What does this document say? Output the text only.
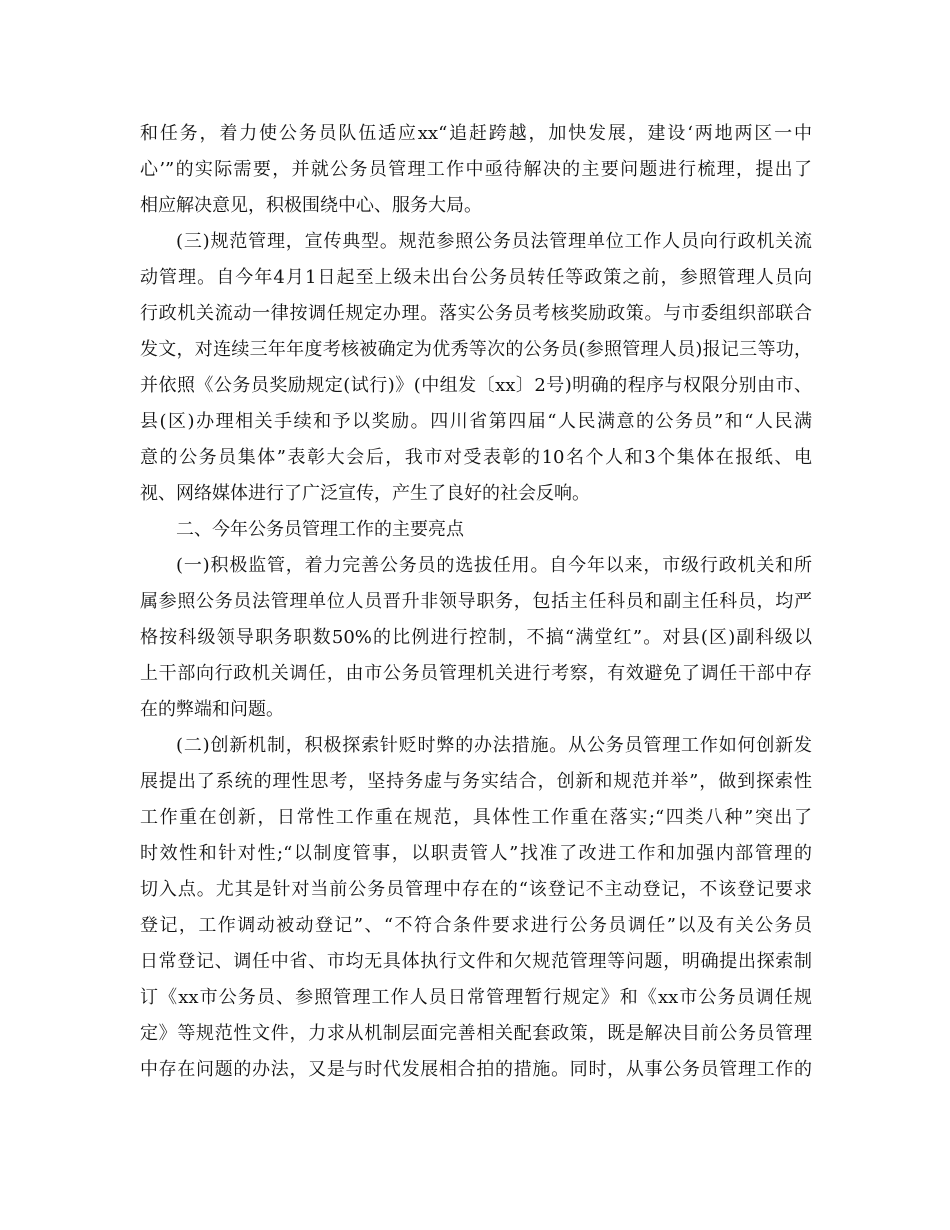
和任务，着力使公务员队伍适应xx“追赶跨越，加快发展，建设‘两地两区一中
心’”的实际需要，并就公务员管理工作中亟待解决的主要问题进行梳理，提出了
相应解决意见，积极围绕中心、服务大局。
(三)规范管理，宣传典型。规范参照公务员法管理单位工作人员向行政机关流
动管理。自今年4月1日起至上级未出台公务员转任等政策之前，参照管理人员向
行政机关流动一律按调任规定办理。落实公务员考核奖励政策。与市委组织部联合
发文，对连续三年年度考核被确定为优秀等次的公务员(参照管理人员)报记三等功，
并依照《公务员奖励规定(试行)》(中组发〔xx〕2号)明确的程序与权限分别由市、
县(区)办理相关手续和予以奖励。四川省第四届“人民满意的公务员”和“人民满
意的公务员集体”表彰大会后，我市对受表彰的10名个人和3个集体在报纸、电
视、网络媒体进行了广泛宣传，产生了良好的社会反响。
二、今年公务员管理工作的主要亮点
(一)积极监管，着力完善公务员的选拔任用。自今年以来，市级行政机关和所
属参照公务员法管理单位人员晋升非领导职务，包括主任科员和副主任科员，均严
格按科级领导职务职数50%的比例进行控制，不搞“满堂红”。对县(区)副科级以
上干部向行政机关调任，由市公务员管理机关进行考察，有效避免了调任干部中存
在的弊端和问题。
(二)创新机制，积极探索针贬时弊的办法措施。从公务员管理工作如何创新发
展提出了系统的理性思考，坚持务虚与务实结合，创新和规范并举”，做到探索性
工作重在创新，日常性工作重在规范，具体性工作重在落实;“四类八种”突出了
时效性和针对性;“以制度管事，以职责管人”找准了改进工作和加强内部管理的
切入点。尤其是针对当前公务员管理中存在的“该登记不主动登记，不该登记要求
登记，工作调动被动登记”、“不符合条件要求进行公务员调任”以及有关公务员
日常登记、调任中省、市均无具体执行文件和欠规范管理等问题，明确提出探索制
订《xx市公务员、参照管理工作人员日常管理暂行规定》和《xx市公务员调任规
定》等规范性文件，力求从机制层面完善相关配套政策，既是解决目前公务员管理
中存在问题的办法，又是与时代发展相合拍的措施。同时，从事公务员管理工作的
